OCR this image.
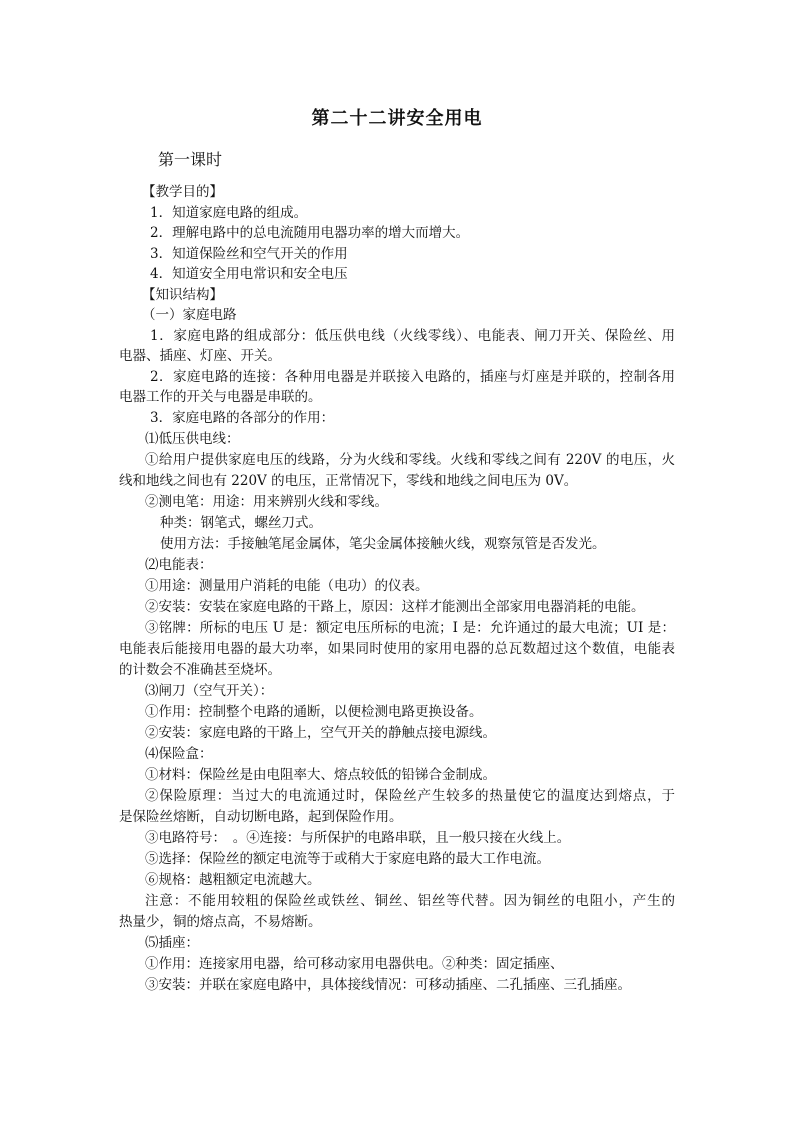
第二十二讲安全用电
第一课时
【教学目的】
1．知道家庭电路的组成。
2．理解电路中的总电流随用电器功率的增大而增大。
3．知道保险丝和空气开关的作用
4．知道安全用电常识和安全电压
【知识结构】
（一）家庭电路
1．家庭电路的组成部分：低压供电线（火线零线）、电能表、闸刀开关、保险丝、用
电器、插座、灯座、开关。
2．家庭电路的连接：各种用电器是并联接入电路的，插座与灯座是并联的，控制各用
电器工作的开关与电器是串联的。
3．家庭电路的各部分的作用：
⑴低压供电线：
①给用户提供家庭电压的线路，分为火线和零线。火线和零线之间有 220V 的电压，火
线和地线之间也有 220V 的电压，正常情况下，零线和地线之间电压为 0V。
②测电笔：用途：用来辨别火线和零线。
种类：钢笔式，螺丝刀式。
使用方法：手接触笔尾金属体，笔尖金属体接触火线，观察氖管是否发光。
⑵电能表：
①用途：测量用户消耗的电能（电功）的仪表。
②安装：安装在家庭电路的干路上，原因：这样才能测出全部家用电器消耗的电能。
③铭牌：所标的电压 U 是：额定电压所标的电流；I 是：允许通过的最大电流；UI 是：
电能表后能接用电器的最大功率，如果同时使用的家用电器的总瓦数超过这个数值，电能表
的计数会不准确甚至烧坏。
⑶闸刀（空气开关）：
①作用：控制整个电路的通断，以便检测电路更换设备。
②安装：家庭电路的干路上，空气开关的静触点接电源线。
⑷保险盒：
①材料：保险丝是由电阻率大、熔点较低的铅锑合金制成。
②保险原理：当过大的电流通过时，保险丝产生较多的热量使它的温度达到熔点，于
是保险丝熔断，自动切断电路，起到保险作用。
③电路符号：　。④连接：与所保护的电路串联，且一般只接在火线上。
⑤选择：保险丝的额定电流等于或稍大于家庭电路的最大工作电流。
⑥规格：越粗额定电流越大。
注意：不能用较粗的保险丝或铁丝、铜丝、铝丝等代替。因为铜丝的电阻小，产生的
热量少，铜的熔点高，不易熔断。
⑸插座：
①作用：连接家用电器，给可移动家用电器供电。②种类：固定插座、
③安装：并联在家庭电路中，具体接线情况：可移动插座、二孔插座、三孔插座。
